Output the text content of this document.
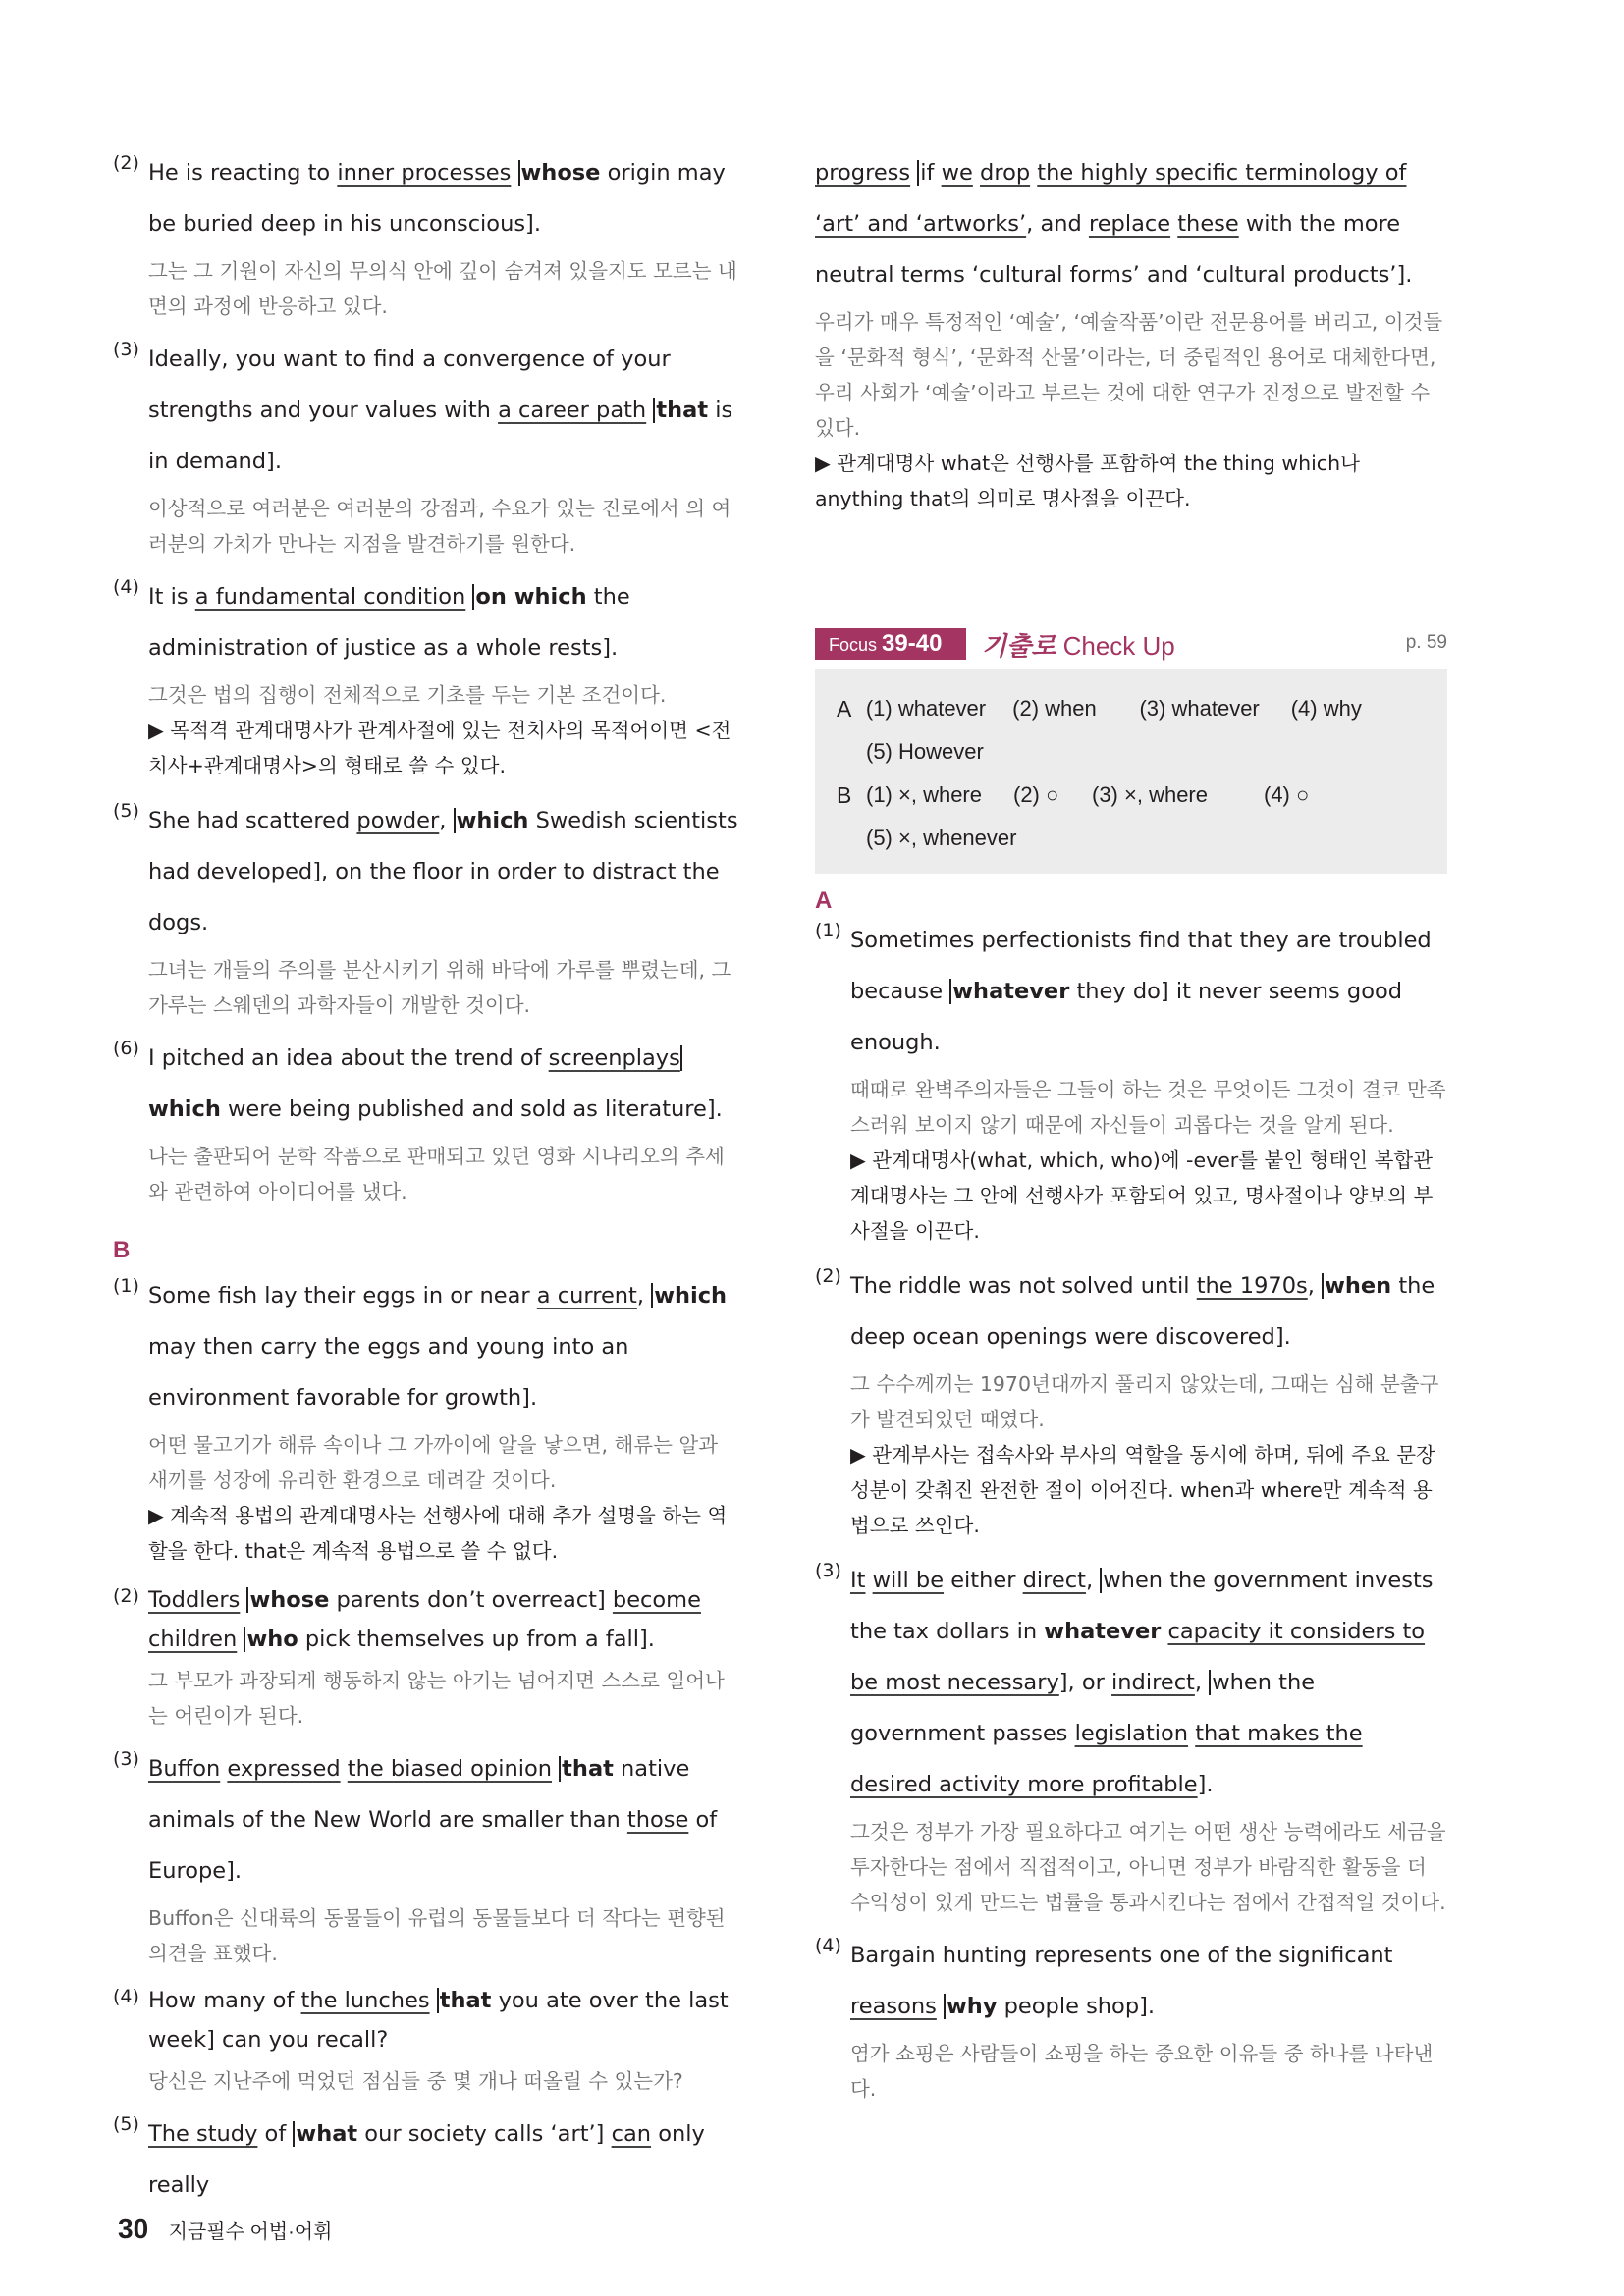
(2) He is reacting to inner processes whose origin may be buried deep in his unconscious].

그는 그 기원이 자신의 무의식 안에 깊이 숨겨져 있을지도 모르는 내면의 과정에 반응하고 있다.
(3) Ideally, you want to find a convergence of your strengths and your values with a career path that is in demand].

이상적으로 여러분은 여러분의 강점과, 수요가 있는 진로에서 의 여러분의 가치가 만나는 지점을 발견하기를 원한다.
(4) It is a fundamental condition on which the administration of justice as a whole rests].

그것은 법의 집행이 전체적으로 기초를 두는 기본 조건이다.
▶ 목적격 관계대명사가 관계사절에 있는 전치사의 목적어이면 <전치사+관계대명사>의 형태로 쓸 수 있다.
(5) She had scattered powder, which Swedish scientists had developed], on the floor in order to distract the dogs.

그녀는 개들의 주의를 분산시키기 위해 바닥에 가루를 뿌렸는데, 그 가루는 스웨덴의 과학자들이 개발한 것이다.
(6) I pitched an idea about the trend of screenplays which were being published and sold as literature].

나는 출판되어 문학 작품으로 판매되고 있던 영화 시나리오의 추세와 관련하여 아이디어를 냈다.
B
(1) Some fish lay their eggs in or near a current, which may then carry the eggs and young into an environment favorable for growth].

어떤 물고기가 해류 속이나 그 가까이에 알을 낳으면, 해류는 알과 새끼를 성장에 유리한 환경으로 데려갈 것이다.
▶ 계속적 용법의 관계대명사는 선행사에 대해 추가 설명을 하는 역할을 한다. that은 계속적 용법으로 쓸 수 없다.
(2) Toddlers whose parents don’t overreact] become children who pick themselves up from a fall].

그 부모가 과장되게 행동하지 않는 아기는 넘어지면 스스로 일어나는 어린이가 된다.
(3) Buffon expressed the biased opinion that native animals of the New World are smaller than those of Europe].

Buffon은 신대륙의 동물들이 유럽의 동물들보다 더 작다는 편향된 의견을 표했다.
(4) How many of the lunches that you ate over the last week] can you recall?

당신은 지난주에 먹었던 점심들 중 몇 개나 떠올릴 수 있는가?
(5) The study of what our society calls ‘art’] can only really

progress if we drop the highly specific terminology of ‘art’ and ‘artworks’, and replace these with the more neutral terms ‘cultural forms’ and ‘cultural products’].

우리가 매우 특정적인 ‘예술’, ‘예술작품’이란 전문용어를 버리고, 이것들을 ‘문화적 형식’, ‘문화적 산물’이라는, 더 중립적인 용어로 대체한다면, 우리 사회가 ‘예술’이라고 부르는 것에 대한 연구가 진정으로 발전할 수 있다.
▶ 관계대명사 what은 선행사를 포함하여 the thing which나 anything that의 의미로 명사절을 이끈다.
Focus 39-40	기출로 Check Up	p. 59
A (1) whatever	(2) when	(3) whatever	(4) why
(5) However
B (1) ×, where	(2) ○	(3) ×, where	(4) ○
(5) ×, whenever
A
(1) Sometimes perfectionists find that they are troubled because whatever they do] it never seems good enough.

때때로 완벽주의자들은 그들이 하는 것은 무엇이든 그것이 결코 만족스러워 보이지 않기 때문에 자신들이 괴롭다는 것을 알게 된다.
▶ 관계대명사(what, which, who)에 -ever를 붙인 형태인 복합관계대명사는 그 안에 선행사가 포함되어 있고, 명사절이나 양보의 부사절을 이끈다.
(2) The riddle was not solved until the 1970s, when the deep ocean openings were discovered].

그 수수께끼는 1970년대까지 풀리지 않았는데, 그때는 심해 분출구가 발견되었던 때였다.
▶ 관계부사는 접속사와 부사의 역할을 동시에 하며, 뒤에 주요 문장 성분이 갖춰진 완전한 절이 이어진다. when과 where만 계속적 용법으로 쓰인다.
(3) It will be either direct, when the government invests the tax dollars in whatever capacity it considers to be most necessary], or indirect, when the government passes legislation that makes the desired activity more profitable].

그것은 정부가 가장 필요하다고 여기는 어떤 생산 능력에라도 세금을 투자한다는 점에서 직접적이고, 아니면 정부가 바람직한 활동을 더 수익성이 있게 만드는 법률을 통과시킨다는 점에서 간접적일 것이다.
(4) Bargain hunting represents one of the significant reasons why people shop].

염가 쇼핑은 사람들이 쇼핑을 하는 중요한 이유들 중 하나를 나타낸다.
30 지금필수 어법·어휘
